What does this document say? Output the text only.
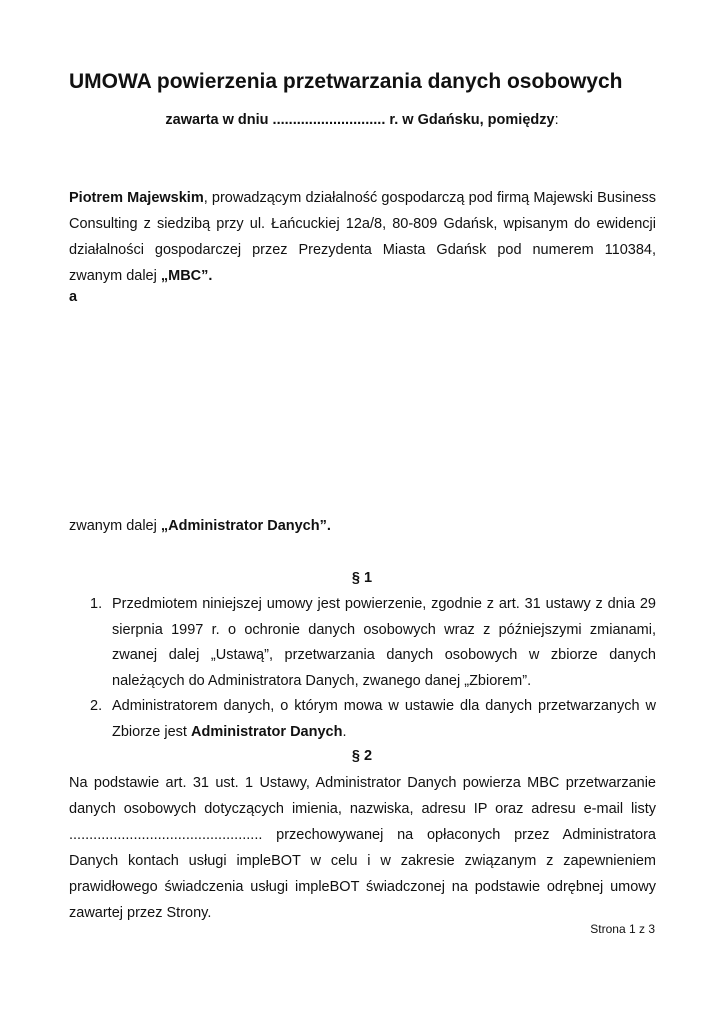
UMOWA powierzenia przetwarzania danych osobowych
zawarta w dniu ............................ r. w Gdańsku, pomiędzy:
Piotrem Majewskim, prowadzącym działalność gospodarczą pod firmą Majewski Business Consulting z siedzibą przy ul. Łańcuckiej 12a/8, 80-809 Gdańsk, wpisanym do ewidencji działalności gospodarczej przez Prezydenta Miasta Gdańsk pod numerem 110384, zwanym dalej „MBC”.
a
zwanym dalej „Administrator Danych”.
§ 1
1. Przedmiotem niniejszej umowy jest powierzenie, zgodnie z art. 31 ustawy z dnia 29 sierpnia 1997 r. o ochronie danych osobowych wraz z późniejszymi zmianami, zwanej dalej „Ustawą”, przetwarzania danych osobowych w zbiorze danych należących do Administratora Danych, zwanego danej „Zbiorem”.
2. Administratorem danych, o którym mowa w ustawie dla danych przetwarzanych w Zbiorze jest Administrator Danych.
§ 2
Na podstawie art. 31 ust. 1 Ustawy, Administrator Danych powierza MBC przetwarzanie danych osobowych dotyczących imienia, nazwiska, adresu IP oraz adresu e-mail listy ................................................ przechowywanej na opłaconych przez Administratora Danych kontach usługi impleBOT w celu i w zakresie związanym z zapewnieniem prawidłowego świadczenia usługi impleBOT świadczonej na podstawie odrębnej umowy zawartej przez Strony.
Strona 1 z 3
